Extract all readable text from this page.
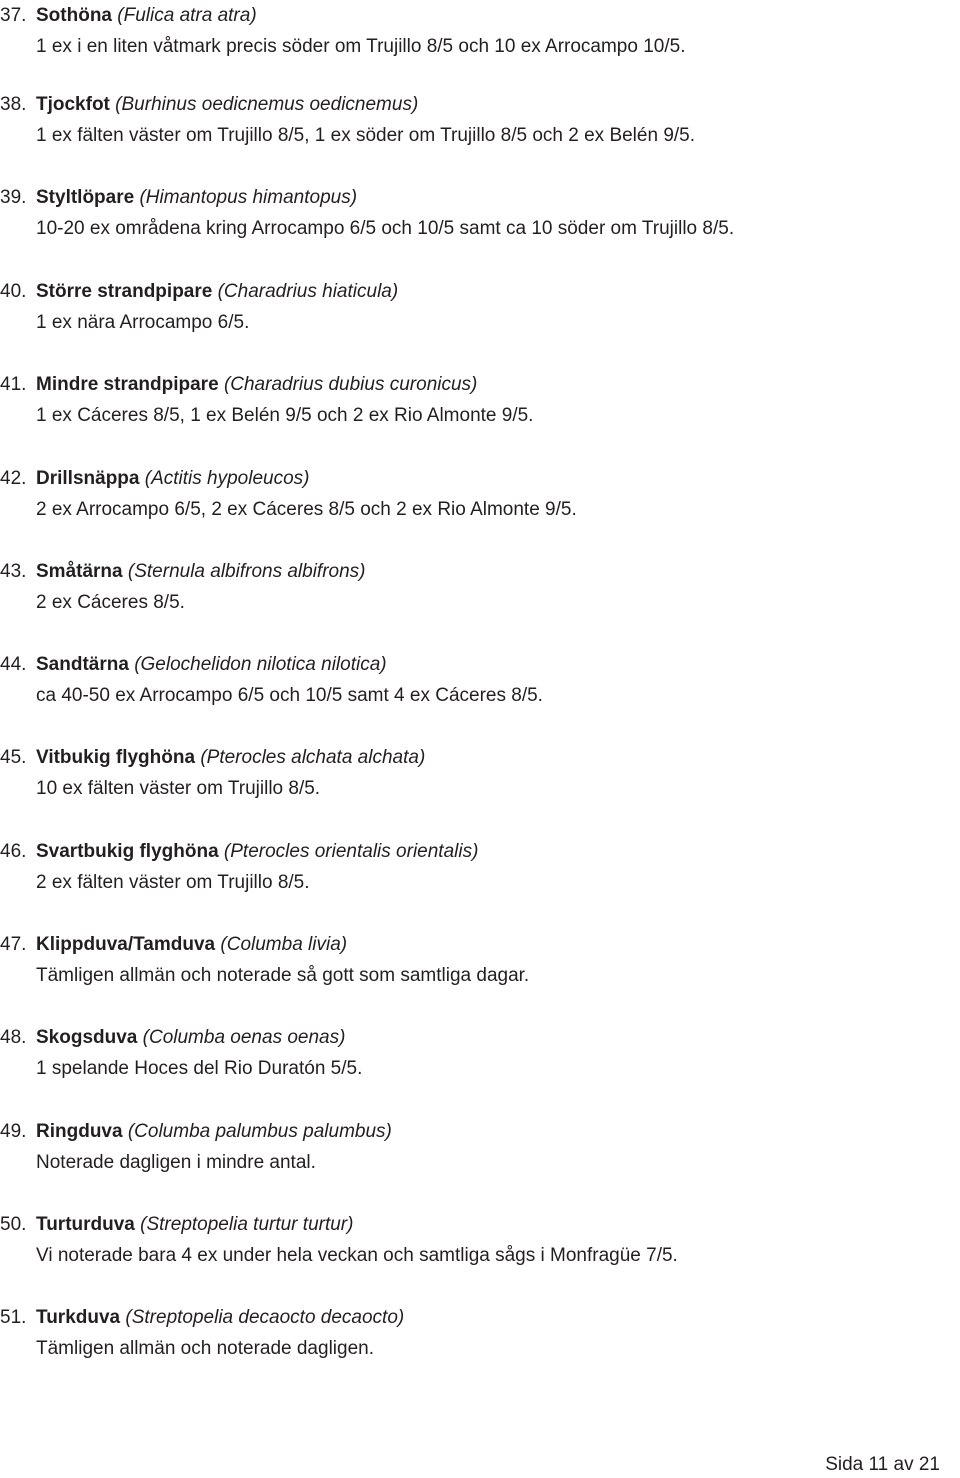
37. Sothöna
(Fulica atra atra)
1 ex i en liten våtmark precis söder om Trujillo 8/5 och 10 ex Arrocampo 10/5.
38. Tjockfot
(Burhinus oedicnemus oedicnemus)
1 ex fälten väster om Trujillo 8/5, 1 ex söder om Trujillo 8/5 och 2 ex Belén 9/5.
39. Styltlöpare
(Himantopus himantopus)
10-20 ex områdena kring Arrocampo 6/5 och 10/5 samt ca 10 söder om Trujillo 8/5.
40. Större strandpipare
(Charadrius hiaticula)
1 ex nära Arrocampo 6/5.
41. Mindre strandpipare
(Charadrius dubius curonicus)
1 ex Cáceres 8/5, 1 ex Belén 9/5 och 2 ex Rio Almonte 9/5.
42. Drillsnäppa
(Actitis hypoleucos)
2 ex Arrocampo 6/5, 2 ex Cáceres 8/5 och 2 ex Rio Almonte 9/5.
43. Småtärna
(Sternula albifrons albifrons)
2 ex Cáceres 8/5.
44. Sandtärna
(Gelochelidon nilotica nilotica)
ca 40-50 ex Arrocampo 6/5 och 10/5 samt 4 ex Cáceres 8/5.
45. Vitbukig flyghöna
(Pterocles alchata alchata)
10 ex fälten väster om Trujillo 8/5.
46. Svartbukig flyghöna
(Pterocles orientalis orientalis)
2 ex fälten väster om Trujillo 8/5.
47. Klippduva/Tamduva
(Columba livia)
Tämligen allmän och noterade så gott som samtliga dagar.
48. Skogsduva
(Columba oenas oenas)
1 spelande Hoces del Rio Duratón 5/5.
49. Ringduva
(Columba palumbus palumbus)
Noterade dagligen i mindre antal.
50. Turturduva
(Streptopelia turtur turtur)
Vi noterade bara 4 ex under hela veckan och samtliga sågs i Monfragüe 7/5.
51. Turkduva
(Streptopelia decaocto decaocto)
Tämligen allmän och noterade dagligen.
Sida 11 av 21
